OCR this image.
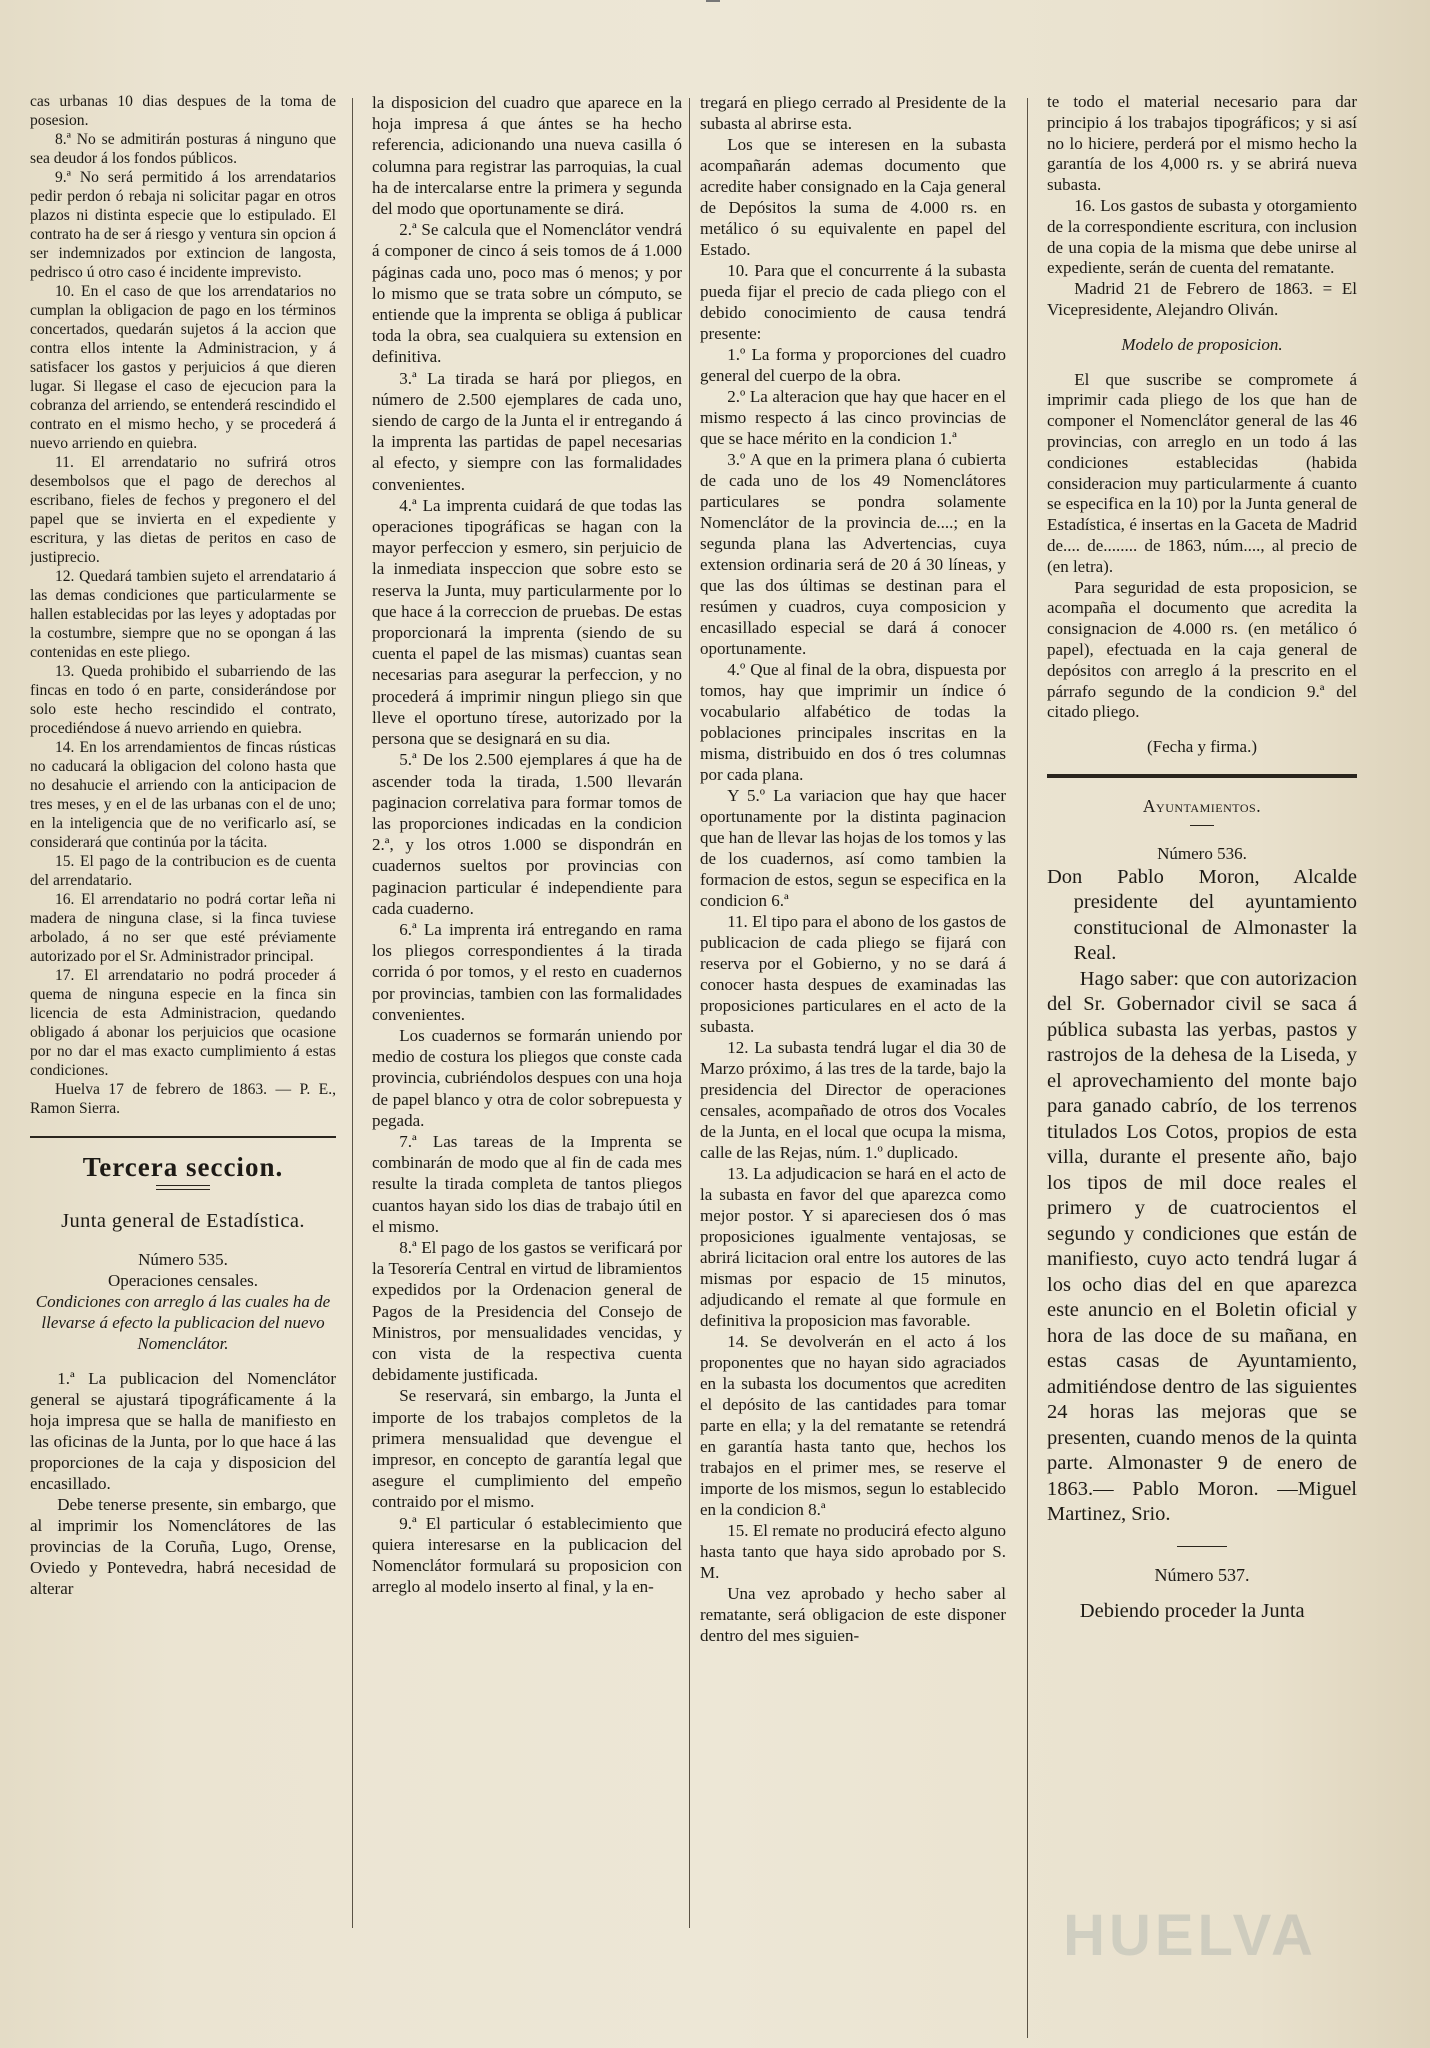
cas urbanas 10 dias despues de la toma de posesion.

8.ª No se admitirán posturas á ninguno que sea deudor á los fondos públicos.

9.ª No será permitido á los arrendatarios pedir perdon ó rebaja ni solicitar pagar en otros plazos ni distinta especie que lo estipulado. El contrato ha de ser á riesgo y ventura sin opcion á ser indemnizados por extincion de langosta, pedrisco ú otro caso é incidente imprevisto.

10. En el caso de que los arrendatarios no cumplan la obligacion de pago en los términos concertados, quedarán sujetos á la accion que contra ellos intente la Administracion, y á satisfacer los gastos y perjuicios á que dieren lugar. Si llegase el caso de ejecucion para la cobranza del arriendo, se entenderá rescindido el contrato en el mismo hecho, y se procederá á nuevo arriendo en quiebra.

11. El arrendatario no sufrirá otros desembolsos que el pago de derechos al escribano, fieles de fechos y pregonero el del papel que se invierta en el expediente y escritura, y las dietas de peritos en caso de justiprecio.

12. Quedará tambien sujeto el arrendatario á las demas condiciones que particularmente se hallen establecidas por las leyes y adoptadas por la costumbre, siempre que no se opongan á las contenidas en este pliego.

13. Queda prohibido el subarriendo de las fincas en todo ó en parte, considerándose por solo este hecho rescindido el contrato, procediéndose á nuevo arriendo en quiebra.

14. En los arrendamientos de fincas rústicas no caducará la obligacion del colono hasta que no desahucie el arriendo con la anticipacion de tres meses, y en el de las urbanas con el de uno; en la inteligencia que de no verificarlo así, se considerará que continúa por la tácita.

15. El pago de la contribucion es de cuenta del arrendatario.

16. El arrendatario no podrá cortar leña ni madera de ninguna clase, si la finca tuviese arbolado, á no ser que esté préviamente autorizado por el Sr. Administrador principal.

17. El arrendatario no podrá proceder á quema de ninguna especie en la finca sin licencia de esta Administracion, quedando obligado á abonar los perjuicios que ocasione por no dar el mas exacto cumplimiento á estas condiciones.

Huelva 17 de febrero de 1863. — P. E., Ramon Sierra.

Tercera seccion.
Junta general de Estadística.

Número 535.

Operaciones censales.

Condiciones con arreglo á las cuales ha de llevarse á efecto la publicacion del nuevo Nomenclátor.

1.ª La publicacion del Nomenclátor general se ajustará tipográficamente á la hoja impresa que se halla de manifiesto en las oficinas de la Junta, por lo que hace á las proporciones de la caja y disposicion del encasillado.

Debe tenerse presente, sin embargo, que al imprimir los Nomenclátores de las provincias de la Coruña, Lugo, Orense, Oviedo y Pontevedra, habrá necesidad de alterar

la disposicion del cuadro que aparece en la hoja impresa á que ántes se ha hecho referencia, adicionando una nueva casilla ó columna para registrar las parroquias, la cual ha de intercalarse entre la primera y segunda del modo que oportunamente se dirá.

2.ª Se calcula que el Nomenclátor vendrá á componer de cinco á seis tomos de á 1.000 páginas cada uno, poco mas ó menos; y por lo mismo que se trata sobre un cómputo, se entiende que la imprenta se obliga á publicar toda la obra, sea cualquiera su extension en definitiva.

3.ª La tirada se hará por pliegos, en número de 2.500 ejemplares de cada uno, siendo de cargo de la Junta el ir entregando á la imprenta las partidas de papel necesarias al efecto, y siempre con las formalidades convenientes.

4.ª La imprenta cuidará de que todas las operaciones tipográficas se hagan con la mayor perfeccion y esmero, sin perjuicio de la inmediata inspeccion que sobre esto se reserva la Junta, muy particularmente por lo que hace á la correccion de pruebas. De estas proporcionará la imprenta (siendo de su cuenta el papel de las mismas) cuantas sean necesarias para asegurar la perfeccion, y no procederá á imprimir ningun pliego sin que lleve el oportuno tírese, autorizado por la persona que se designará en su dia.

5.ª De los 2.500 ejemplares á que ha de ascender toda la tirada, 1.500 llevarán paginacion correlativa para formar tomos de las proporciones indicadas en la condicion 2.ª, y los otros 1.000 se dispondrán en cuadernos sueltos por provincias con paginacion particular é independiente para cada cuaderno.

6.ª La imprenta irá entregando en rama los pliegos correspondientes á la tirada corrida ó por tomos, y el resto en cuadernos por provincias, tambien con las formalidades convenientes.

Los cuadernos se formarán uniendo por medio de costura los pliegos que conste cada provincia, cubriéndolos despues con una hoja de papel blanco y otra de color sobrepuesta y pegada.

7.ª Las tareas de la Imprenta se combinarán de modo que al fin de cada mes resulte la tirada completa de tantos pliegos cuantos hayan sido los dias de trabajo útil en el mismo.

8.ª El pago de los gastos se verificará por la Tesorería Central en virtud de libramientos expedidos por la Ordenacion general de Pagos de la Presidencia del Consejo de Ministros, por mensualidades vencidas, y con vista de la respectiva cuenta debidamente justificada.

Se reservará, sin embargo, la Junta el importe de los trabajos completos de la primera mensualidad que devengue el impresor, en concepto de garantía legal que asegure el cumplimiento del empeño contraido por el mismo.

9.ª El particular ó establecimiento que quiera interesarse en la publicacion del Nomenclátor formulará su proposicion con arreglo al modelo inserto al final, y la en-

tregará en pliego cerrado al Presidente de la subasta al abrirse esta.

Los que se interesen en la subasta acompañarán ademas documento que acredite haber consignado en la Caja general de Depósitos la suma de 4.000 rs. en metálico ó su equivalente en papel del Estado.

10. Para que el concurrente á la subasta pueda fijar el precio de cada pliego con el debido conocimiento de causa tendrá presente:

1.º La forma y proporciones del cuadro general del cuerpo de la obra.

2.º La alteracion que hay que hacer en el mismo respecto á las cinco provincias de que se hace mérito en la condicion 1.ª

3.º A que en la primera plana ó cubierta de cada uno de los 49 Nomenclátores particulares se pondra solamente Nomenclátor de la provincia de....; en la segunda plana las Advertencias, cuya extension ordinaria será de 20 á 30 líneas, y que las dos últimas se destinan para el resúmen y cuadros, cuya composicion y encasillado especial se dará á conocer oportunamente.

4.º Que al final de la obra, dispuesta por tomos, hay que imprimir un índice ó vocabulario alfabético de todas la poblaciones principales inscritas en la misma, distribuido en dos ó tres columnas por cada plana.

Y 5.º La variacion que hay que hacer oportunamente por la distinta paginacion que han de llevar las hojas de los tomos y las de los cuadernos, así como tambien la formacion de estos, segun se especifica en la condicion 6.ª

11. El tipo para el abono de los gastos de publicacion de cada pliego se fijará con reserva por el Gobierno, y no se dará á conocer hasta despues de examinadas las proposiciones particulares en el acto de la subasta.

12. La subasta tendrá lugar el dia 30 de Marzo próximo, á las tres de la tarde, bajo la presidencia del Director de operaciones censales, acompañado de otros dos Vocales de la Junta, en el local que ocupa la misma, calle de las Rejas, núm. 1.º duplicado.

13. La adjudicacion se hará en el acto de la subasta en favor del que aparezca como mejor postor. Y si apareciesen dos ó mas proposiciones igualmente ventajosas, se abrirá licitacion oral entre los autores de las mismas por espacio de 15 minutos, adjudicando el remate al que formule en definitiva la proposicion mas favorable.

14. Se devolverán en el acto á los proponentes que no hayan sido agraciados en la subasta los documentos que acrediten el depósito de las cantidades para tomar parte en ella; y la del rematante se retendrá en garantía hasta tanto que, hechos los trabajos en el primer mes, se reserve el importe de los mismos, segun lo establecido en la condicion 8.ª

15. El remate no producirá efecto alguno hasta tanto que haya sido aprobado por S. M.

Una vez aprobado y hecho saber al rematante, será obligacion de este disponer dentro del mes siguien-

te todo el material necesario para dar principio á los trabajos tipográficos; y si así no lo hiciere, perderá por el mismo hecho la garantía de los 4,000 rs. y se abrirá nueva subasta.

16. Los gastos de subasta y otorgamiento de la correspondiente escritura, con inclusion de una copia de la misma que debe unirse al expediente, serán de cuenta del rematante.

Madrid 21 de Febrero de 1863. = El Vicepresidente, Alejandro Oliván.

Modelo de proposicion.

El que suscribe se compromete á imprimir cada pliego de los que han de componer el Nomenclátor general de las 46 provincias, con arreglo en un todo á las condiciones establecidas (habida consideracion muy particularmente á cuanto se especifica en la 10) por la Junta general de Estadística, é insertas en la Gaceta de Madrid de.... de........ de 1863, núm...., al precio de (en letra).

Para seguridad de esta proposicion, se acompaña el documento que acredita la consignacion de 4.000 rs. (en metálico ó papel), efectuada en la caja general de depósitos con arreglo á la prescrito en el párrafo segundo de la condicion 9.ª del citado pliego.

(Fecha y firma.)

Ayuntamientos.

Número 536.

Don Pablo Moron, Alcalde presidente del ayuntamiento constitucional de Almonaster la Real.

Hago saber: que con autorizacion del Sr. Gobernador civil se saca á pública subasta las yerbas, pastos y rastrojos de la dehesa de la Liseda, y el aprovechamiento del monte bajo para ganado cabrío, de los terrenos titulados Los Cotos, propios de esta villa, durante el presente año, bajo los tipos de mil doce reales el primero y de cuatrocientos el segundo y condiciones que están de manifiesto, cuyo acto tendrá lugar á los ocho dias del en que aparezca este anuncio en el Boletin oficial y hora de las doce de su mañana, en estas casas de Ayuntamiento, admitiéndose dentro de las siguientes 24 horas las mejoras que se presenten, cuando menos de la quinta parte. Almonaster 9 de enero de 1863.— Pablo Moron. —Miguel Martinez, Srio.

Número 537.

Debiendo proceder la Junta

HUELVA
